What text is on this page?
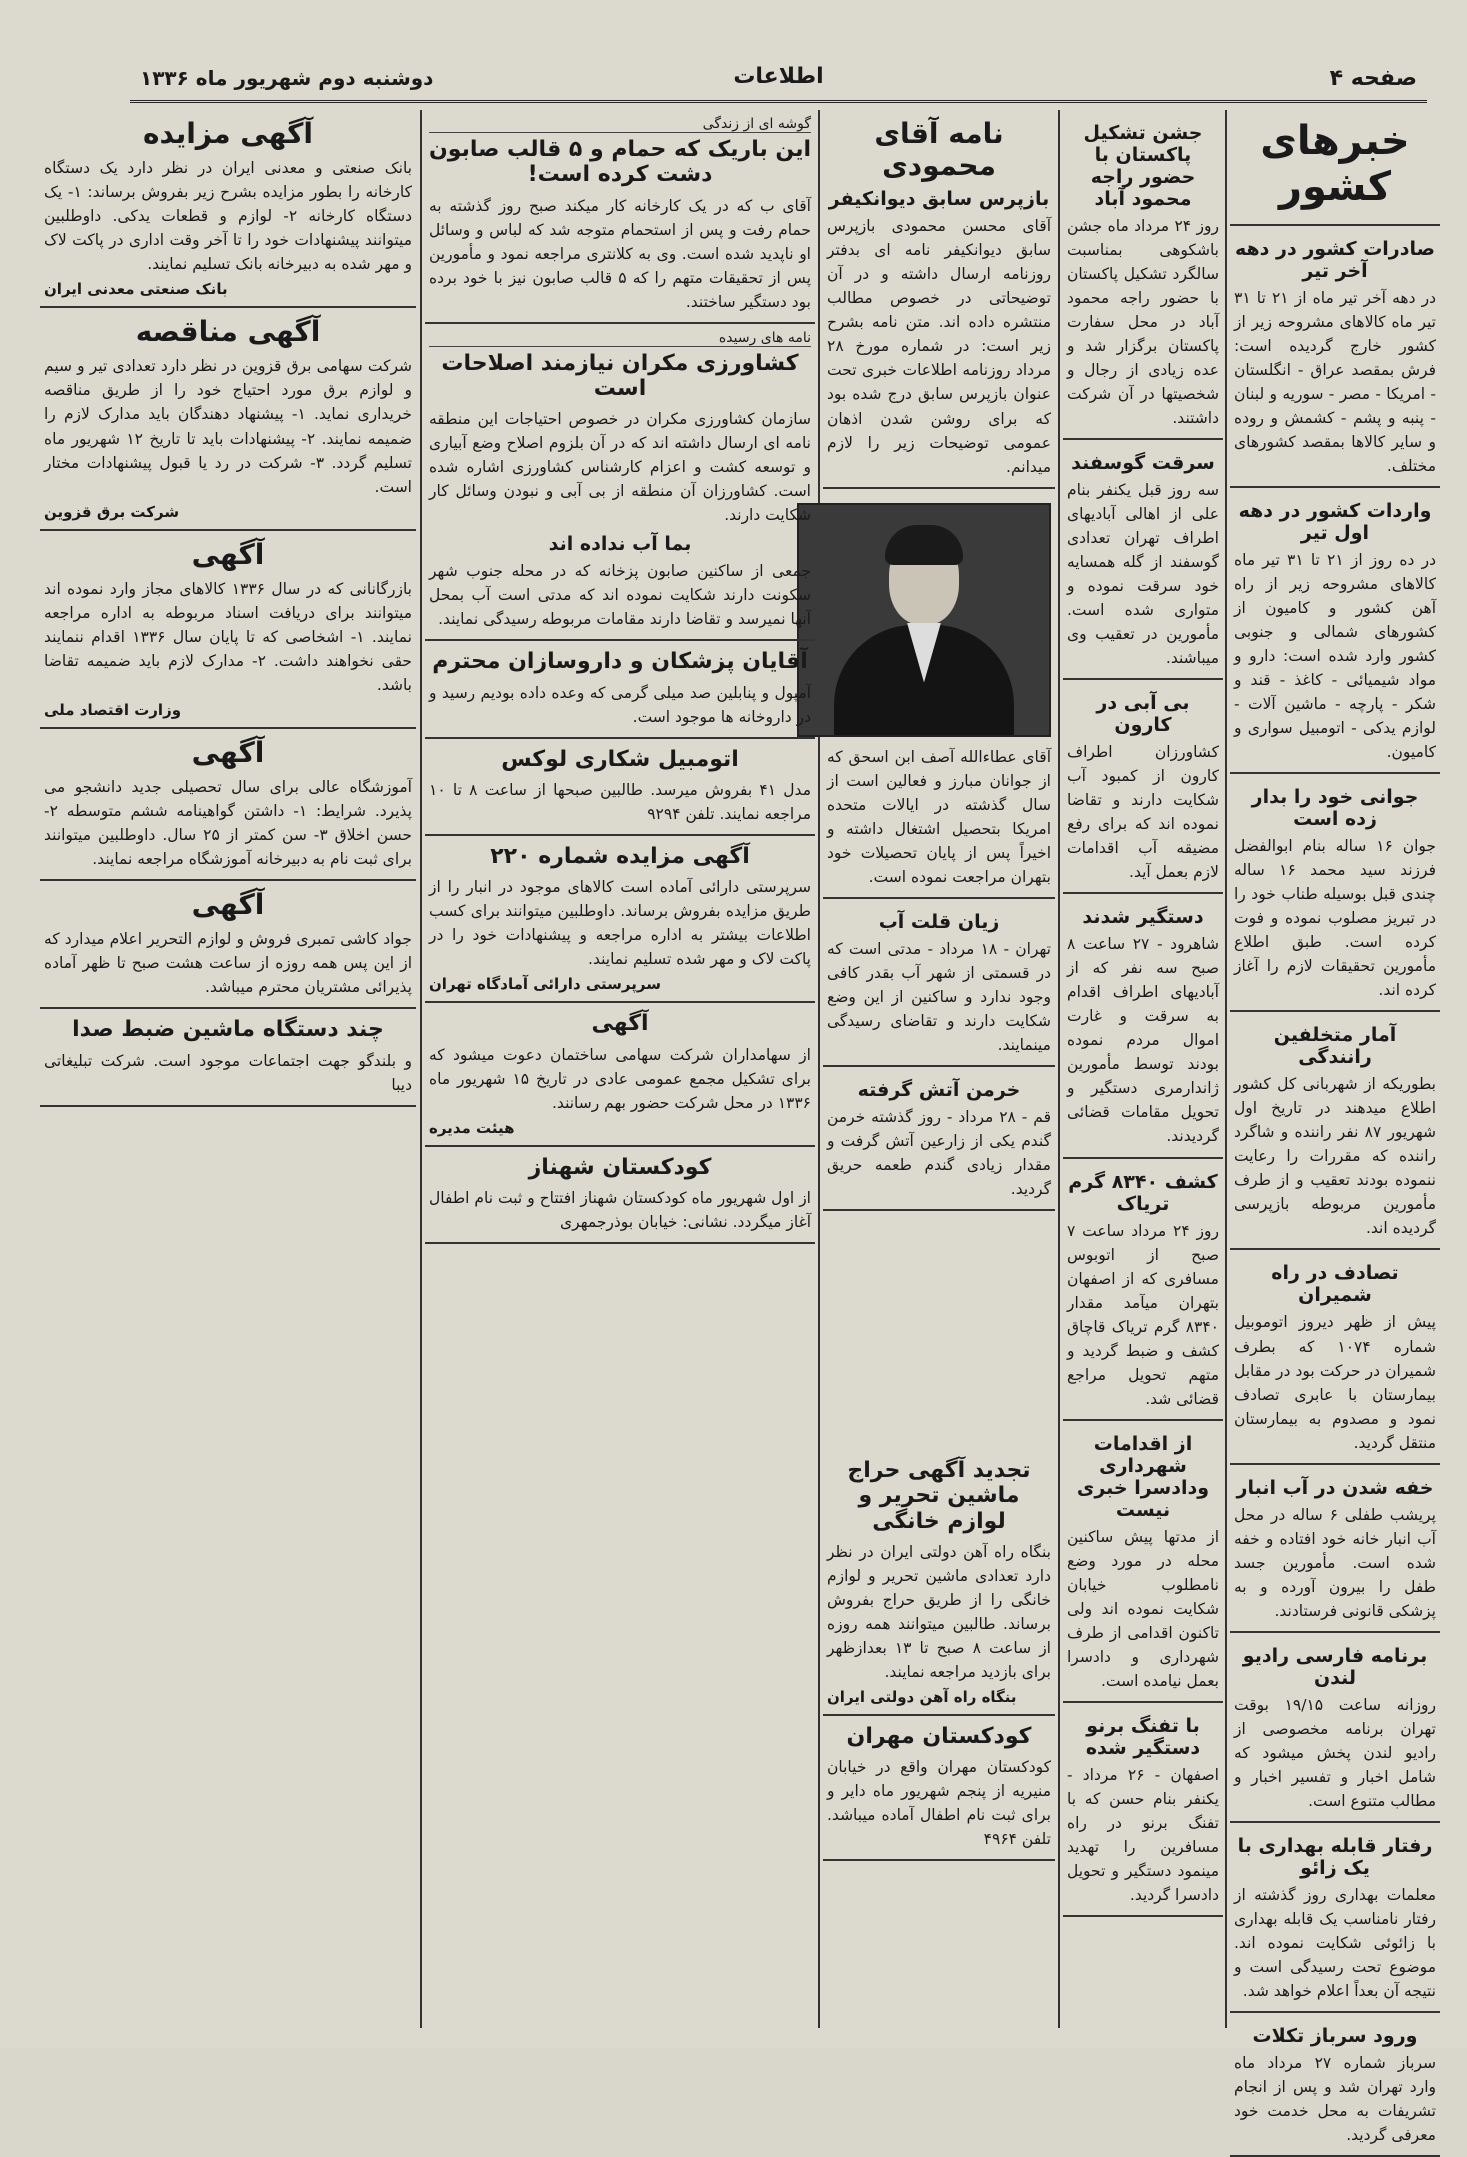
صفحه ۴
اطلاعات
دوشنبه دوم شهریور ماه ۱۳۳۶
خبرهای کشور
صادرات کشور در دهه آخر تیر
در دهه آخر تیر ماه از ۲۱ تا ۳۱ تیر ماه کالاهای مشروحه زیر از کشور خارج گردیده است: فرش بمقصد عراق - انگلستان - امریکا - مصر - سوریه و لبنان - پنبه و پشم - کشمش و روده و سایر کالاها بمقصد کشورهای مختلف.
واردات کشور در دهه اول تیر
در ده روز از ۲۱ تا ۳۱ تیر ماه کالاهای مشروحه زیر از راه آهن کشور و کامیون از کشورهای شمالی و جنوبی کشور وارد شده است: دارو و مواد شیمیائی - کاغذ - قند و شکر - پارچه - ماشین آلات - لوازم یدکی - اتومبیل سواری و کامیون.
جوانی خود را بدار زده است
جوان ۱۶ ساله بنام ابوالفضل فرزند سید محمد ۱۶ ساله چندی قبل بوسیله طناب خود را در تبریز مصلوب نموده و فوت کرده است. طبق اطلاع مأمورین تحقیقات لازم را آغاز کرده اند.
آمار متخلفین رانندگی
بطوریکه از شهربانی کل کشور اطلاع میدهند در تاریخ اول شهریور ۸۷ نفر راننده و شاگرد راننده که مقررات را رعایت ننموده بودند تعقیب و از طرف مأمورین مربوطه بازپرسی گردیده اند.
تصادف در راه شمیران
پیش از ظهر دیروز اتوموبیل شماره ۱۰۷۴ که بطرف شمیران در حرکت بود در مقابل بیمارستان با عابری تصادف نمود و مصدوم به بیمارستان منتقل گردید.
خفه شدن در آب انبار
پریشب طفلی ۶ ساله در محل آب انبار خانه خود افتاده و خفه شده است. مأمورین جسد طفل را بیرون آورده و به پزشکی قانونی فرستادند.
برنامه فارسی رادیو لندن
روزانه ساعت ۱۹/۱۵ بوقت تهران برنامه مخصوصی از رادیو لندن پخش میشود که شامل اخبار و تفسیر اخبار و مطالب متنوع است.
رفتار قابله بهداری با یک زائو
معلمات بهداری روز گذشته از رفتار نامناسب یک قابله بهداری با زائوئی شکایت نموده اند. موضوع تحت رسیدگی است و نتیجه آن بعداً اعلام خواهد شد.
ورود سرباز تکلات
سرباز شماره ۲۷ مرداد ماه وارد تهران شد و پس از انجام تشریفات به محل خدمت خود معرفی گردید.
جشن تشکیل پاکستان با حضور راجه محمود آباد
روز ۲۴ مرداد ماه جشن باشکوهی بمناسبت سالگرد تشکیل پاکستان با حضور راجه محمود آباد در محل سفارت پاکستان برگزار شد و عده زیادی از رجال و شخصیتها در آن شرکت داشتند.
سرقت گوسفند
سه روز قبل یکنفر بنام علی از اهالی آبادیهای اطراف تهران تعدادی گوسفند از گله همسایه خود سرقت نموده و متواری شده است. مأمورین در تعقیب وی میباشند.
بی آبی در کارون
کشاورزان اطراف کارون از کمبود آب شکایت دارند و تقاضا نموده اند که برای رفع مضیقه آب اقدامات لازم بعمل آید.
دستگیر شدند
شاهرود - ۲۷ ساعت ۸ صبح سه نفر که از آبادیهای اطراف اقدام به سرقت و غارت اموال مردم نموده بودند توسط مأمورین ژاندارمری دستگیر و تحویل مقامات قضائی گردیدند.
کشف ۸۳۴۰ گرم تریاک
روز ۲۴ مرداد ساعت ۷ صبح از اتوبوس مسافری که از اصفهان بتهران میآمد مقدار ۸۳۴۰ گرم تریاک قاچاق کشف و ضبط گردید و متهم تحویل مراجع قضائی شد.
از اقدامات شهرداری ودادسرا خبری نیست
از مدتها پیش ساکنین محله در مورد وضع نامطلوب خیابان شکایت نموده اند ولی تاکنون اقدامی از طرف شهرداری و دادسرا بعمل نیامده است.
با تفنگ برنو دستگیر شده
اصفهان - ۲۶ مرداد - یکنفر بنام حسن که با تفنگ برنو در راه مسافرین را تهدید مینمود دستگیر و تحویل دادسرا گردید.
نامه آقای محمودی
بازپرس سابق دیوانکیفر
آقای محسن محمودی بازپرس سابق دیوانکیفر نامه ای بدفتر روزنامه ارسال داشته و در آن توضیحاتی در خصوص مطالب منتشره داده اند. متن نامه بشرح زیر است: در شماره مورخ ۲۸ مرداد روزنامه اطلاعات خبری تحت عنوان بازپرس سابق درج شده بود که برای روشن شدن اذهان عمومی توضیحات زیر را لازم میدانم.
آقای عطاءالله آصف ابن اسحق که از جوانان مبارز و فعالین است از سال گذشته در ایالات متحده امریکا بتحصیل اشتغال داشته و اخیراً پس از پایان تحصیلات خود بتهران مراجعت نموده است.
زیان قلت آب
تهران - ۱۸ مرداد - مدتی است که در قسمتی از شهر آب بقدر کافی وجود ندارد و ساکنین از این وضع شکایت دارند و تقاضای رسیدگی مینمایند.
خرمن آتش گرفته
قم - ۲۸ مرداد - روز گذشته خرمن گندم یکی از زارعین آتش گرفت و مقدار زیادی گندم طعمه حریق گردید.
گوشه ای از زندگی
این باریک که حمام و ۵ قالب صابون دشت کرده است!
آقای ب که در یک کارخانه کار میکند صبح روز گذشته به حمام رفت و پس از استحمام متوجه شد که لباس و وسائل او ناپدید شده است. وی به کلانتری مراجعه نمود و مأمورین پس از تحقیقات متهم را که ۵ قالب صابون نیز با خود برده بود دستگیر ساختند.
نامه های رسیده
کشاورزی مکران نیازمند اصلاحات است
سازمان کشاورزی مکران در خصوص احتیاجات این منطقه نامه ای ارسال داشته اند که در آن بلزوم اصلاح وضع آبیاری و توسعه کشت و اعزام کارشناس کشاورزی اشاره شده است. کشاورزان آن منطقه از بی آبی و نبودن وسائل کار شکایت دارند.
بما آب نداده اند
جمعی از ساکنین صابون پزخانه که در محله جنوب شهر سکونت دارند شکایت نموده اند که مدتی است آب بمحل آنها نمیرسد و تقاضا دارند مقامات مربوطه رسیدگی نمایند.
آقایان پزشکان و داروسازان محترم
آمپول و پنابلین صد میلی گرمی که وعده داده بودیم رسید و در داروخانه ها موجود است.
اتومبیل شکاری لوکس
مدل ۴۱ بفروش میرسد. طالبین صبحها از ساعت ۸ تا ۱۰ مراجعه نمایند. تلفن ۹۲۹۴
آگهی مزایده شماره ۲۲۰
سرپرستی دارائی آماده است کالاهای موجود در انبار را از طریق مزایده بفروش برساند. داوطلبین میتوانند برای کسب اطلاعات بیشتر به اداره مراجعه و پیشنهادات خود را در پاکت لاک و مهر شده تسلیم نمایند.
سرپرستی دارائی آمادگاه تهران
آگهی
از سهامداران شرکت سهامی ساختمان دعوت میشود که برای تشکیل مجمع عمومی عادی در تاریخ ۱۵ شهریور ماه ۱۳۳۶ در محل شرکت حضور بهم رسانند.
هیئت مدیره
کودکستان شهناز
از اول شهریور ماه کودکستان شهناز افتتاح و ثبت نام اطفال آغاز میگردد. نشانی: خیابان بوذرجمهری
تجدید آگهی حراج ماشین تحریر و لوازم خانگی
بنگاه راه آهن دولتی ایران در نظر دارد تعدادی ماشین تحریر و لوازم خانگی را از طریق حراج بفروش برساند. طالبین میتوانند همه روزه از ساعت ۸ صبح تا ۱۳ بعدازظهر برای بازدید مراجعه نمایند.
بنگاه راه آهن دولتی ایران
کودکستان مهران
کودکستان مهران واقع در خیابان منیریه از پنجم شهریور ماه دایر و برای ثبت نام اطفال آماده میباشد. تلفن ۴۹۶۴
آگهی مزایده
بانک صنعتی و معدنی ایران در نظر دارد یک دستگاه کارخانه را بطور مزایده بشرح زیر بفروش برساند: ۱- یک دستگاه کارخانه ۲- لوازم و قطعات یدکی. داوطلبین میتوانند پیشنهادات خود را تا آخر وقت اداری در پاکت لاک و مهر شده به دبیرخانه بانک تسلیم نمایند.
بانک صنعتی معدنی ایران
آگهی مناقصه
شرکت سهامی برق قزوین در نظر دارد تعدادی تیر و سیم و لوازم برق مورد احتیاج خود را از طریق مناقصه خریداری نماید. ۱- پیشنهاد دهندگان باید مدارک لازم را ضمیمه نمایند. ۲- پیشنهادات باید تا تاریخ ۱۲ شهریور ماه تسلیم گردد. ۳- شرکت در رد یا قبول پیشنهادات مختار است.
شرکت برق قزوین
آگهی
بازرگانانی که در سال ۱۳۳۶ کالاهای مجاز وارد نموده اند میتوانند برای دریافت اسناد مربوطه به اداره مراجعه نمایند. ۱- اشخاصی که تا پایان سال ۱۳۳۶ اقدام ننمایند حقی نخواهند داشت. ۲- مدارک لازم باید ضمیمه تقاضا باشد.
وزارت اقتصاد ملی
آگهی
آموزشگاه عالی برای سال تحصیلی جدید دانشجو می پذیرد. شرایط: ۱- داشتن گواهینامه ششم متوسطه ۲- حسن اخلاق ۳- سن کمتر از ۲۵ سال. داوطلبین میتوانند برای ثبت نام به دبیرخانه آموزشگاه مراجعه نمایند.
آگهی
جواد کاشی تمبری فروش و لوازم التحریر اعلام میدارد که از این پس همه روزه از ساعت هشت صبح تا ظهر آماده پذیرائی مشتریان محترم میباشد.
چند دستگاه ماشین ضبط صدا
و بلندگو جهت اجتماعات موجود است. شرکت تبلیغاتی دیبا
